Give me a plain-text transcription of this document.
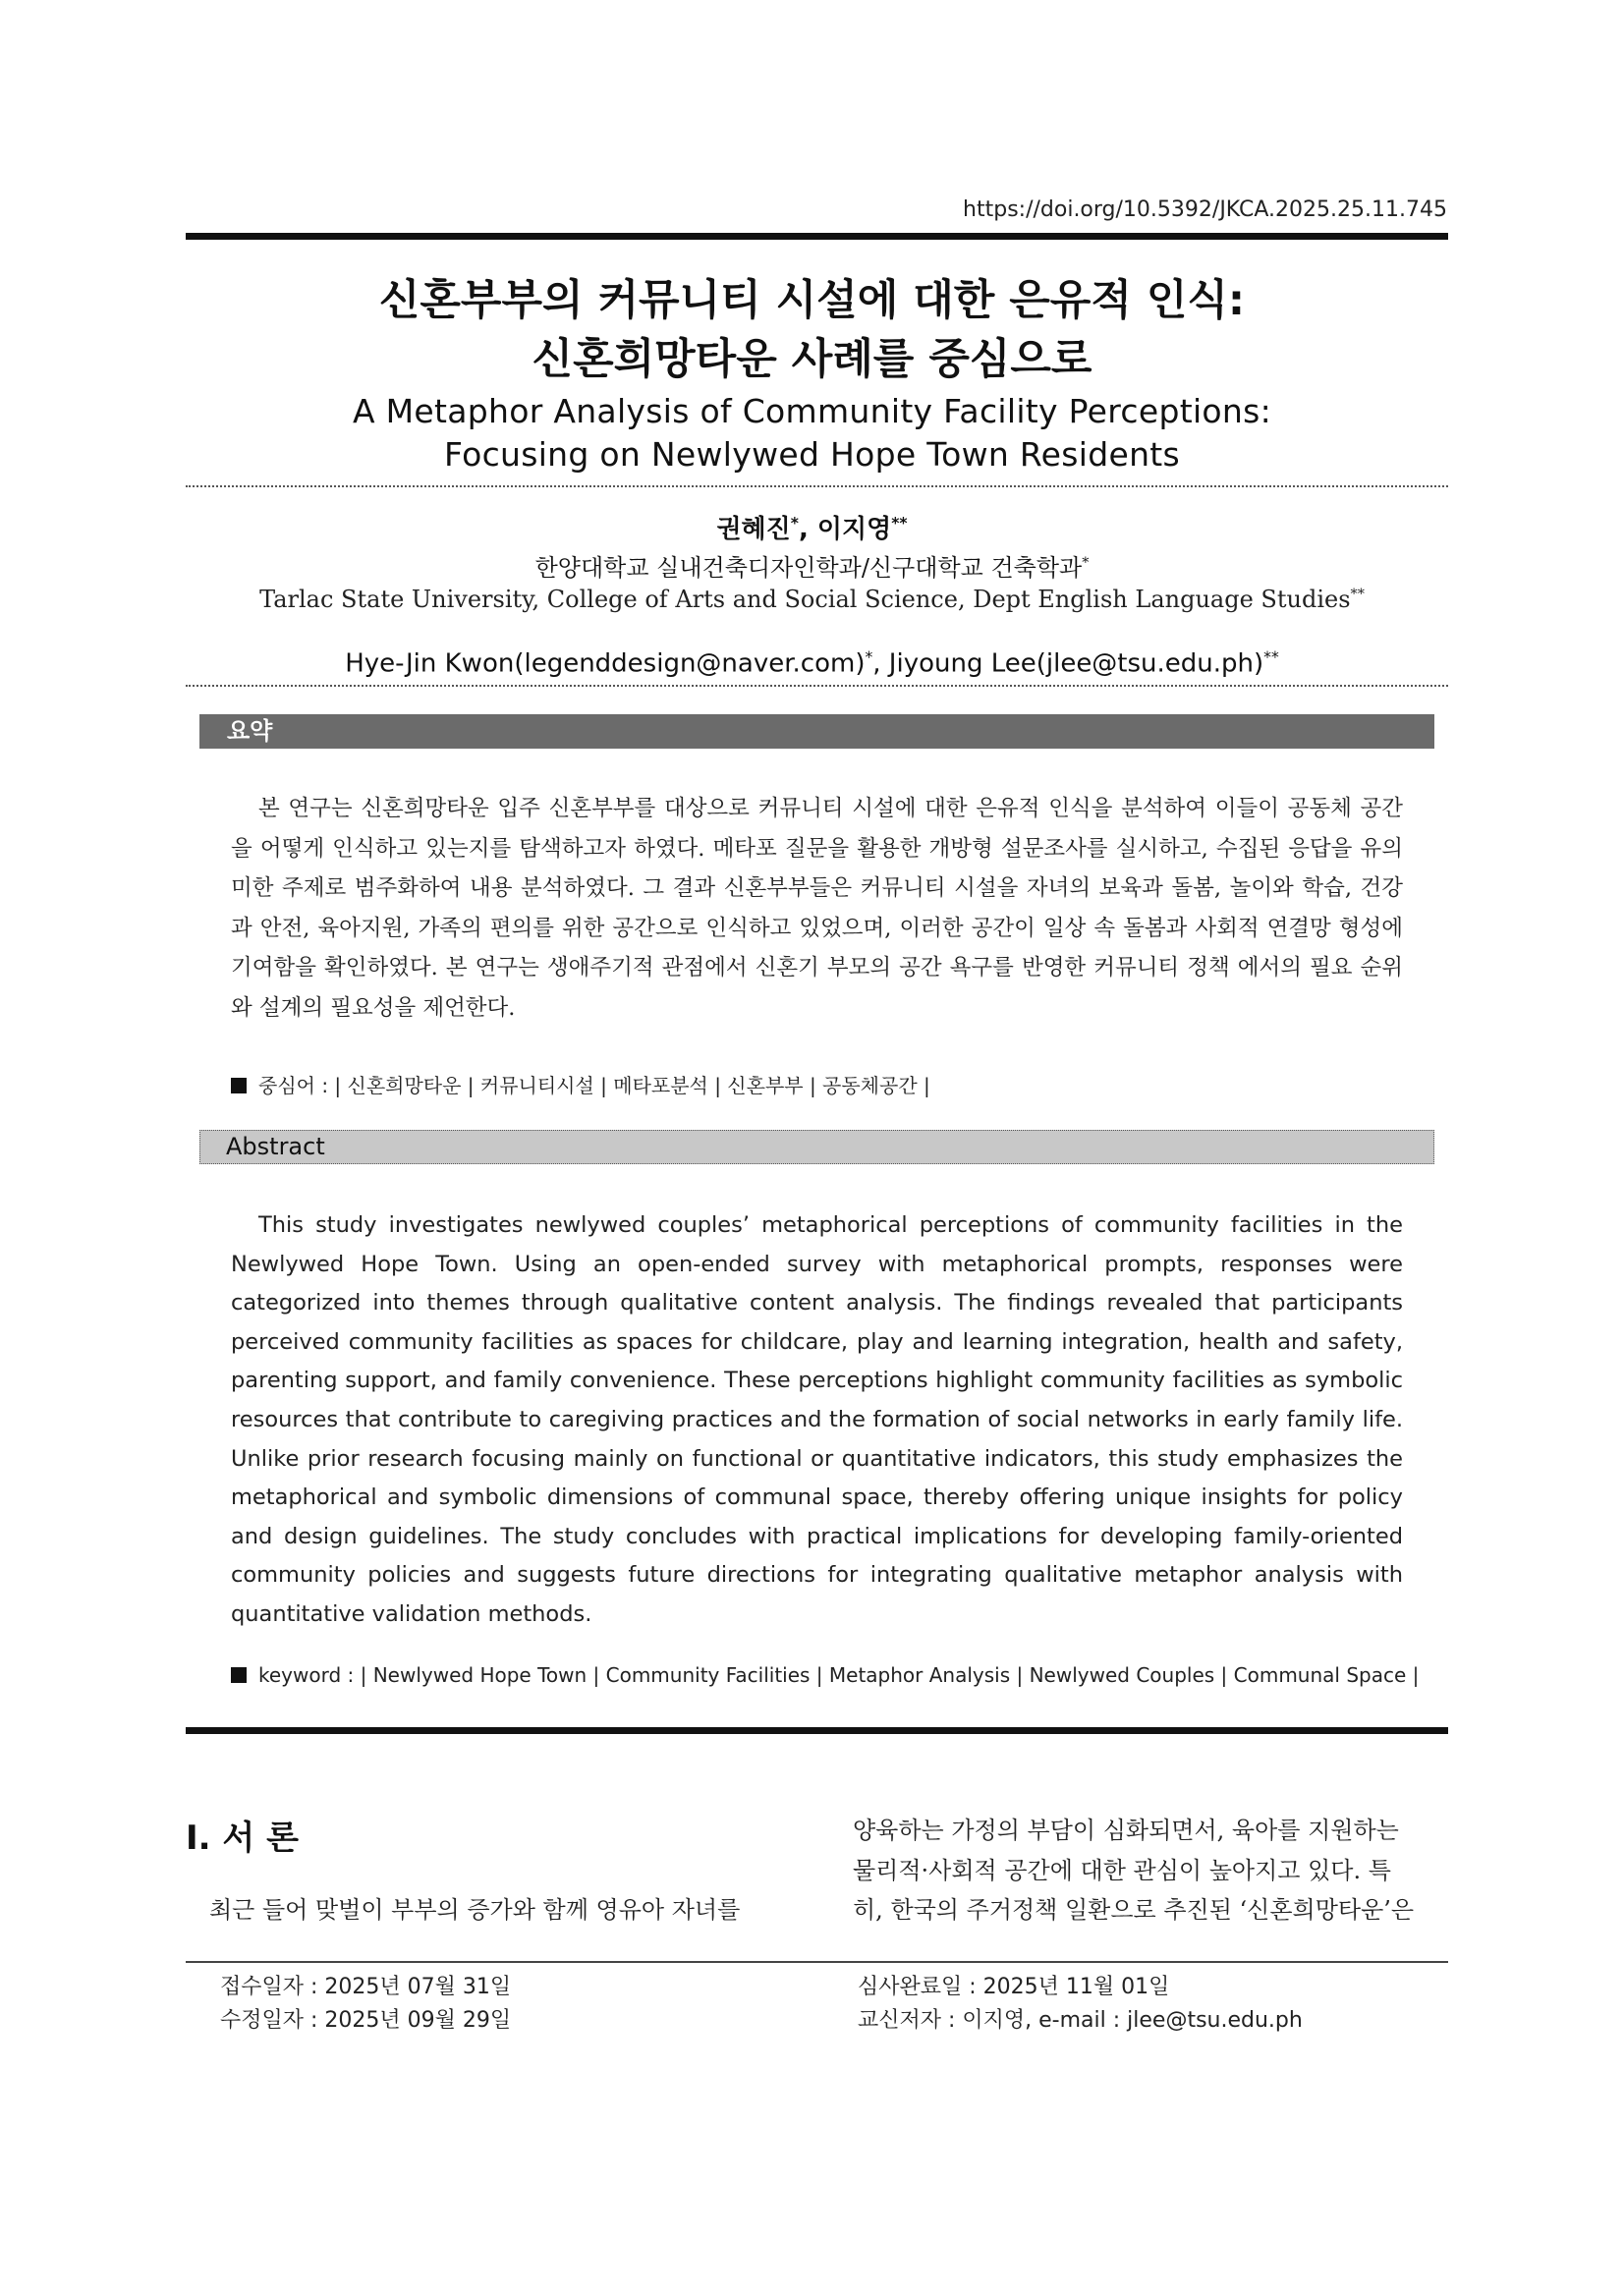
https://doi.org/10.5392/JKCA.2025.25.11.745
신혼부부의 커뮤니티 시설에 대한 은유적 인식:
신혼희망타운 사례를 중심으로
A Metaphor Analysis of Community Facility Perceptions:
Focusing on Newlywed Hope Town Residents
권혜진*, 이지영**
한양대학교 실내건축디자인학과/신구대학교 건축학과*
Tarlac State University, College of Arts and Social Science, Dept English Language Studies**
Hye-Jin Kwon(legenddesign@naver.com)*, Jiyoung Lee(jlee@tsu.edu.ph)**
요약

본 연구는 신혼희망타운 입주 신혼부부를 대상으로 커뮤니티 시설에 대한 은유적 인식을 분석하여 이들이 공동체 공간을 어떻게 인식하고 있는지를 탐색하고자 하였다. 메타포 질문을 활용한 개방형 설문조사를 실시하고, 수집된 응답을 유의미한 주제로 범주화하여 내용 분석하였다. 그 결과 신혼부부들은 커뮤니티 시설을 자녀의 보육과 돌봄, 놀이와 학습, 건강과 안전, 육아지원, 가족의 편의를 위한 공간으로 인식하고 있었으며, 이러한 공간이 일상 속 돌봄과 사회적 연결망 형성에 기여함을 확인하였다. 본 연구는 생애주기적 관점에서 신혼기 부모의 공간 욕구를 반영한 커뮤니티 정책 에서의 필요 순위와 설계의 필요성을 제언한다.

중심어 : | 신혼희망타운 | 커뮤니티시설 | 메타포분석 | 신혼부부 | 공동체공간 |
Abstract

This study investigates newlywed couples’ metaphorical perceptions of community facilities in the Newlywed Hope Town. Using an open-ended survey with metaphorical prompts, responses were categorized into themes through qualitative content analysis. The findings revealed that participants perceived community facilities as spaces for childcare, play and learning integration, health and safety, parenting support, and family convenience. These perceptions highlight community facilities as symbolic resources that contribute to caregiving practices and the formation of social networks in early family life. Unlike prior research focusing mainly on functional or quantitative indicators, this study emphasizes the metaphorical and symbolic dimensions of communal space, thereby offering unique insights for policy and design guidelines. The study concludes with practical implications for developing family-oriented community policies and suggests future directions for integrating qualitative metaphor analysis with quantitative validation methods.

keyword : | Newlywed Hope Town | Community Facilities | Metaphor Analysis | Newlywed Couples | Communal Space |
I. 서 론
최근 들어 맞벌이 부부의 증가와 함께 영유아 자녀를
양육하는 가정의 부담이 심화되면서, 육아를 지원하는
물리적·사회적 공간에 대한 관심이 높아지고 있다. 특
히, 한국의 주거정책 일환으로 추진된 ‘신혼희망타운’은
접수일자 : 2025년 07월 31일
수정일자 : 2025년 09월 29일
심사완료일 : 2025년 11월 01일
교신저자 : 이지영, e-mail : jlee@tsu.edu.ph
